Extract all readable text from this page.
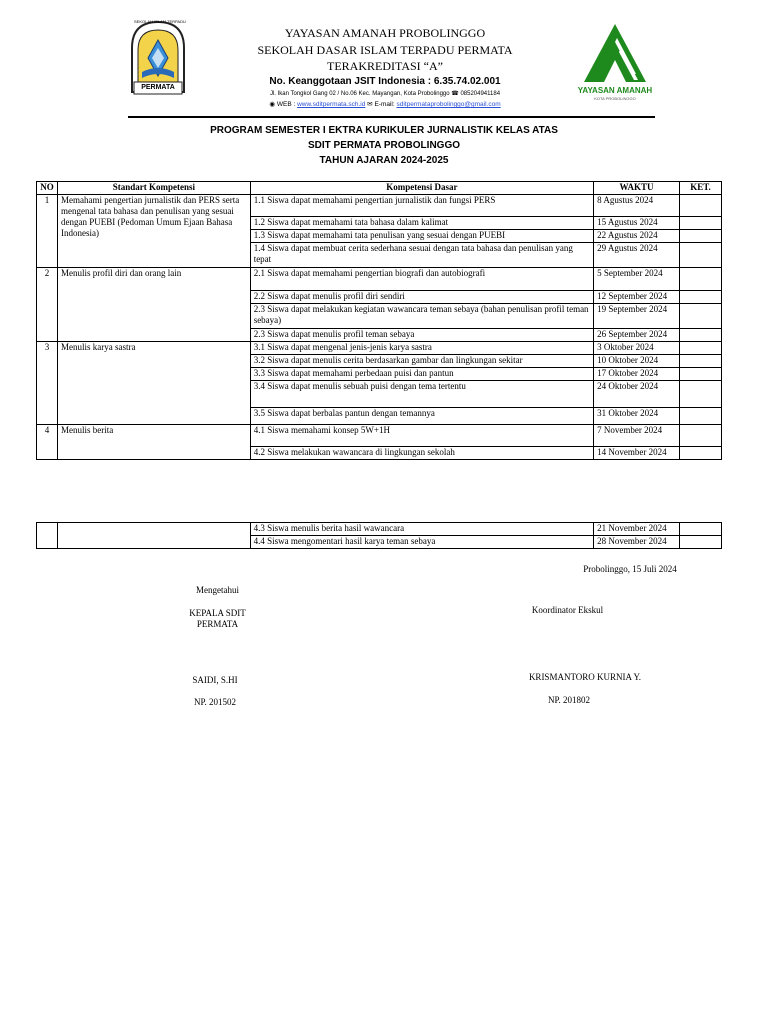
SEKOLAH ISLAM TERPADU
PERMATA	YAYASAN AMANAH
KOTA PROBOLINGGO
YAYASAN AMANAH PROBOLINGGO
SEKOLAH DASAR ISLAM TERPADU PERMATA
TERAKREDITASI “A”
No. Keanggotaan JSIT Indonesia : 6.35.74.02.001
Jl. Ikan Tongkol Gang 02 / No.06 Kec. Mayangan, Kota Probolinggo ☎ 085204941184
◉ WEB : www.sditpermata.sch.id ✉ E-mail: sditpermataprobolinggo@gmail.com
PROGRAM SEMESTER I EKTRA KURIKULER JURNALISTIK KELAS ATAS
SDIT PERMATA PROBOLINGGO
TAHUN AJARAN 2024-2025
NO	Standart Kompetensi	Kompetensi Dasar	WAKTU	KET.
1	Memahami pengertian jurnalistik dan PERS serta mengenal tata bahasa dan penulisan yang sesuai dengan PUEBI (Pedoman Umum Ejaan Bahasa Indonesia)	1.1 Siswa dapat memahami pengertian jurnalistik dan fungsi PERS	8 Agustus 2024	
		1.2 Siswa dapat memahami tata bahasa dalam kalimat	15 Agustus 2024	
		1.3 Siswa dapat memahami tata penulisan yang sesuai dengan PUEBI	22 Agustus 2024	
		1.4 Siswa dapat membuat cerita sederhana sesuai dengan tata bahasa dan penulisan yang tepat	29 Agustus 2024	
2	Menulis profil diri dan orang lain	2.1 Siswa dapat memahami pengertian biografi dan autobiografi	5 September 2024	
		2.2 Siswa dapat menulis profil diri sendiri	12 September 2024	
		2.3 Siswa dapat melakukan kegiatan wawancara teman sebaya (bahan penulisan profil teman sebaya)	19 September 2024	
		2.3 Siswa dapat menulis profil teman sebaya	26 September 2024	
3	Menulis karya sastra	3.1 Siswa dapat mengenal jenis-jenis karya sastra	3 Oktober 2024	
		3.2 Siswa dapat menulis cerita berdasarkan gambar dan lingkungan sekitar	10 Oktober 2024	
		3.3 Siswa dapat memahami perbedaan puisi dan pantun	17 Oktober 2024	
		3.4 Siswa dapat menulis sebuah puisi dengan tema tertentu	24 Oktober 2024	
		3.5 Siswa dapat berbalas pantun dengan temannya	31 Oktober 2024	
4	Menulis berita	4.1 Siswa memahami konsep 5W+1H	7 November 2024	
		4.2 Siswa melakukan wawancara di lingkungan sekolah	14 November 2024	
		4.3 Siswa menulis berita hasil wawancara	21 November 2024	
		4.4 Siswa mengomentari hasil karya teman sebaya	28 November 2024	
Probolinggo, 15 Juli 2024
Mengetahui
KEPALA SDIT
PERMATA
Koordinator Ekskul
SAIDI, S.HI	KRISMANTORO KURNIA Y.
NP. 201502	NP. 201802
